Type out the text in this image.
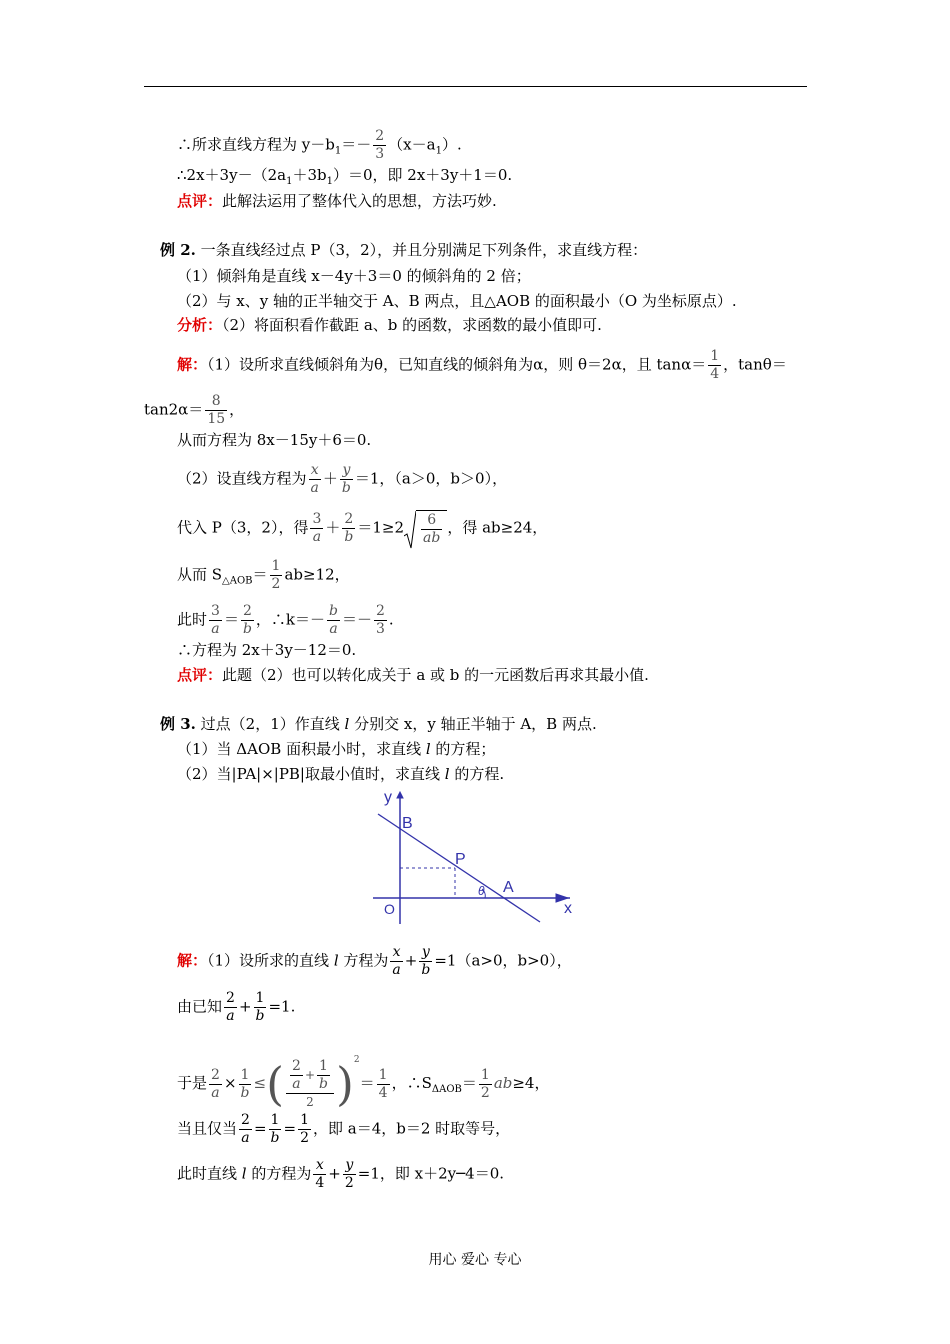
∴所求直线方程为 $y-b_1=- \frac{2}{3} (x-a_1)$.
$\therefore 2x+3y-(2a_1+3b_1)=0$，即 2x＋3y＋1＝0.
点评：此解法运用了整体代入的思想，方法巧妙.
例 2. 一条直线经过点 P（3，2），并且分别满足下列条件，求直线方程：
（1）倾斜角是直线 x－4y＋3＝0 的倾斜角的 2 倍；
（2）与 x、y 轴的正半轴交于 A、B 两点，且△AOB 的面积最小（O 为坐标原点）.
分析：（2）将面积看作截距 a、b 的函数，求函数的最小值即可.
解：（1）设所求直线倾斜角为θ，已知直线的倾斜角为α，则 θ＝2α，且 $\tan\alpha= \frac{1}{4}$ ，tanθ＝
$\tan 2\alpha= \frac{8}{15}$ ，
从而方程为 8x－15y＋6＝0.
（2）设直线方程为 $\frac{x}{a} + \frac{y}{b} =1$，（a＞0，b＞0），
代入 P（3，2），得 $\frac{3}{a} + \frac{2}{b} =1\ge 2 \frac{6}{ab}$ ，得 ab≥24，
从而 $S_{\triangle AOB}= \frac{1}{2} ab\ge 12$，
此时 $\frac{3}{a} = \frac{2}{b}$ ，∴k＝－ $\frac{b}{a} =- \frac{2}{3}$ .
∴方程为 2x＋3y－12＝0.
点评：此题（2）也可以转化成关于 a 或 b 的一元函数后再求其最小值.
例 3. 过点（2，1）作直线 l 分别交 x，y 轴正半轴于 A，B 两点.
（1）当 ΔAOB 面积最小时，求直线 l 的方程；
（2）当|PA|×|PB|取最小值时，求直线 l 的方程.
y
x
O
B
P
A
θ
解：（1）设所求的直线 l 方程为 $\frac{x}{a} + \frac{y}{b} =1(a>0$，b>0），
由已知 $\frac{2}{a} + \frac{1}{b} =1$.
于是 $\frac{2}{a} \times \frac{1}{b}$ ≤( $\frac{\frac{2}{a} + \frac{1}{b}}{2} )^2= \frac{1}{4}$ ，$\therefore S_{\Delta AOB}= \frac{1}{2} ab\ge 4$，
当且仅当 $\frac{2}{a} = \frac{1}{b} = \frac{1}{2}$ ，即 a＝4，b＝2 时取等号，
此时直线 l 的方程为 $\frac{x}{4} + \frac{y}{2} =1$，即 x＋2y─4＝0.
用心 爱心 专心
